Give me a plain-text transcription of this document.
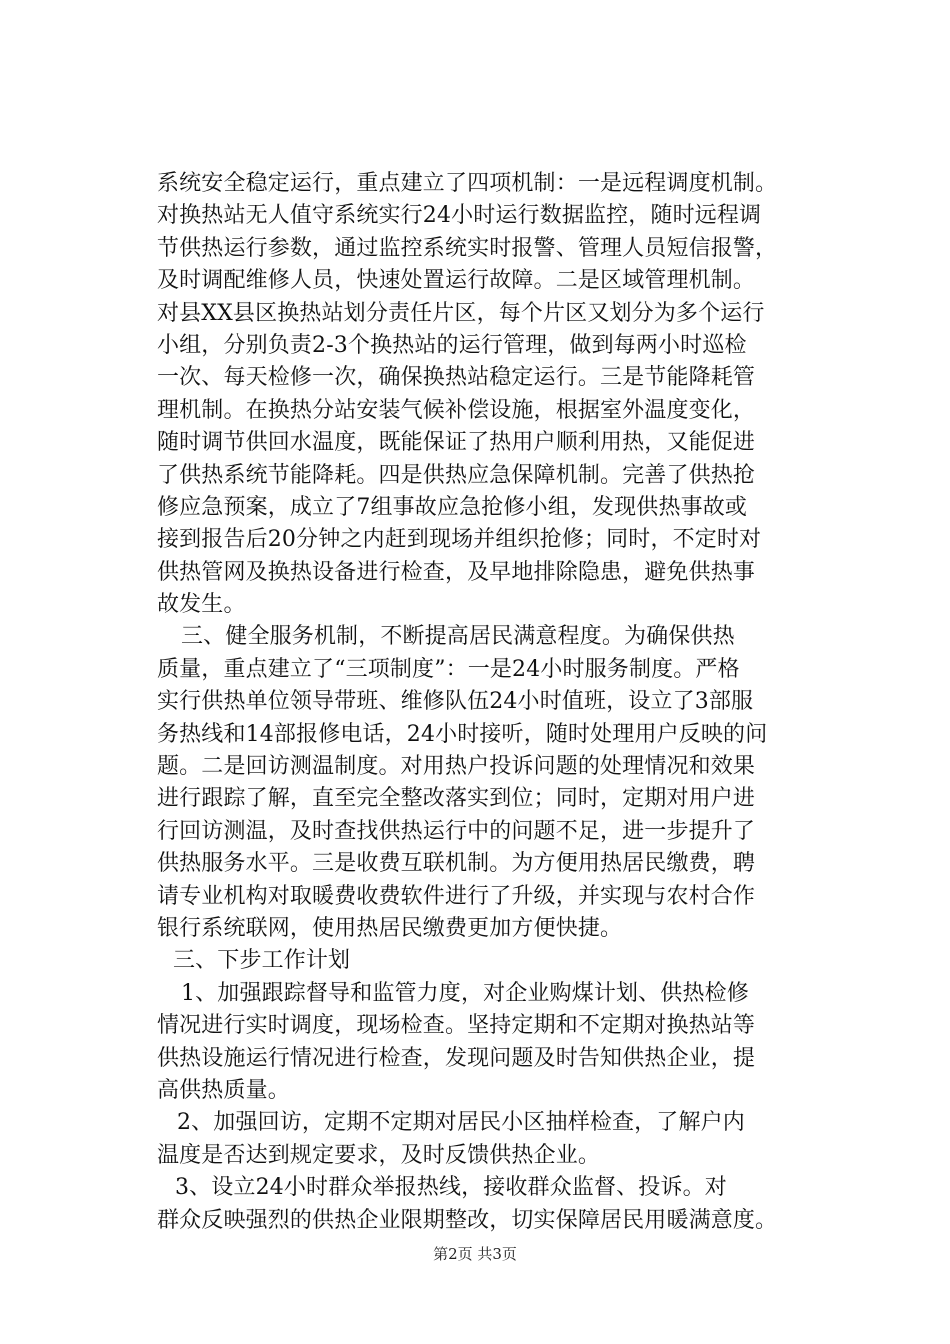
系统安全稳定运行，重点建立了四项机制：一是远程调度机制。
对换热站无人值守系统实行24小时运行数据监控，随时远程调
节供热运行参数，通过监控系统实时报警、管理人员短信报警，
及时调配维修人员，快速处置运行故障。二是区域管理机制。
对县XX县区换热站划分责任片区，每个片区又划分为多个运行
小组，分别负责2-3个换热站的运行管理，做到每两小时巡检
一次、每天检修一次，确保换热站稳定运行。三是节能降耗管
理机制。在换热分站安装气候补偿设施，根据室外温度变化，
随时调节供回水温度，既能保证了热用户顺利用热，又能促进
了供热系统节能降耗。四是供热应急保障机制。完善了供热抢
修应急预案，成立了7组事故应急抢修小组，发现供热事故或
接到报告后20分钟之内赶到现场并组织抢修；同时，不定时对
供热管网及换热设备进行检查，及早地排除隐患，避免供热事
故发生。
三、健全服务机制，不断提高居民满意程度。为确保供热
质量，重点建立了“三项制度”：一是24小时服务制度。严格
实行供热单位领导带班、维修队伍24小时值班，设立了3部服
务热线和14部报修电话，24小时接听，随时处理用户反映的问
题。二是回访测温制度。对用热户投诉问题的处理情况和效果
进行跟踪了解，直至完全整改落实到位；同时，定期对用户进
行回访测温，及时查找供热运行中的问题不足，进一步提升了
供热服务水平。三是收费互联机制。为方便用热居民缴费，聘
请专业机构对取暖费收费软件进行了升级，并实现与农村合作
银行系统联网，使用热居民缴费更加方便快捷。
三、下步工作计划
1、加强跟踪督导和监管力度，对企业购煤计划、供热检修
情况进行实时调度，现场检查。坚持定期和不定期对换热站等
供热设施运行情况进行检查，发现问题及时告知供热企业，提
高供热质量。
2、加强回访，定期不定期对居民小区抽样检查，了解户内
温度是否达到规定要求，及时反馈供热企业。
3、设立24小时群众举报热线，接收群众监督、投诉。对
群众反映强烈的供热企业限期整改，切实保障居民用暖满意度。
第2页 共3页
